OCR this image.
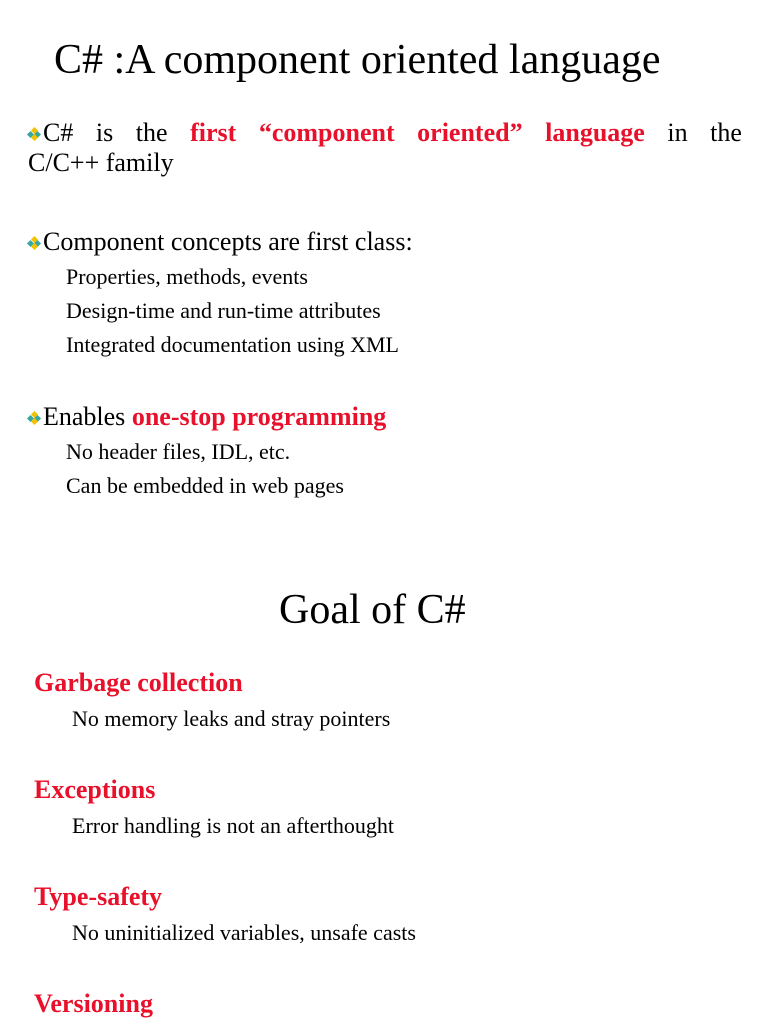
C# :A component oriented language
C# is the first “component oriented” language in the
C/C++ family
Component concepts are first class:
Properties, methods, events
Design-time and run-time attributes
Integrated documentation using XML
Enables one-stop programming
No header files, IDL, etc.
Can be embedded in web pages
Goal of C#
Garbage collection
No memory leaks and stray pointers
Exceptions
Error handling is not an afterthought
Type-safety
No uninitialized variables, unsafe casts
Versioning
